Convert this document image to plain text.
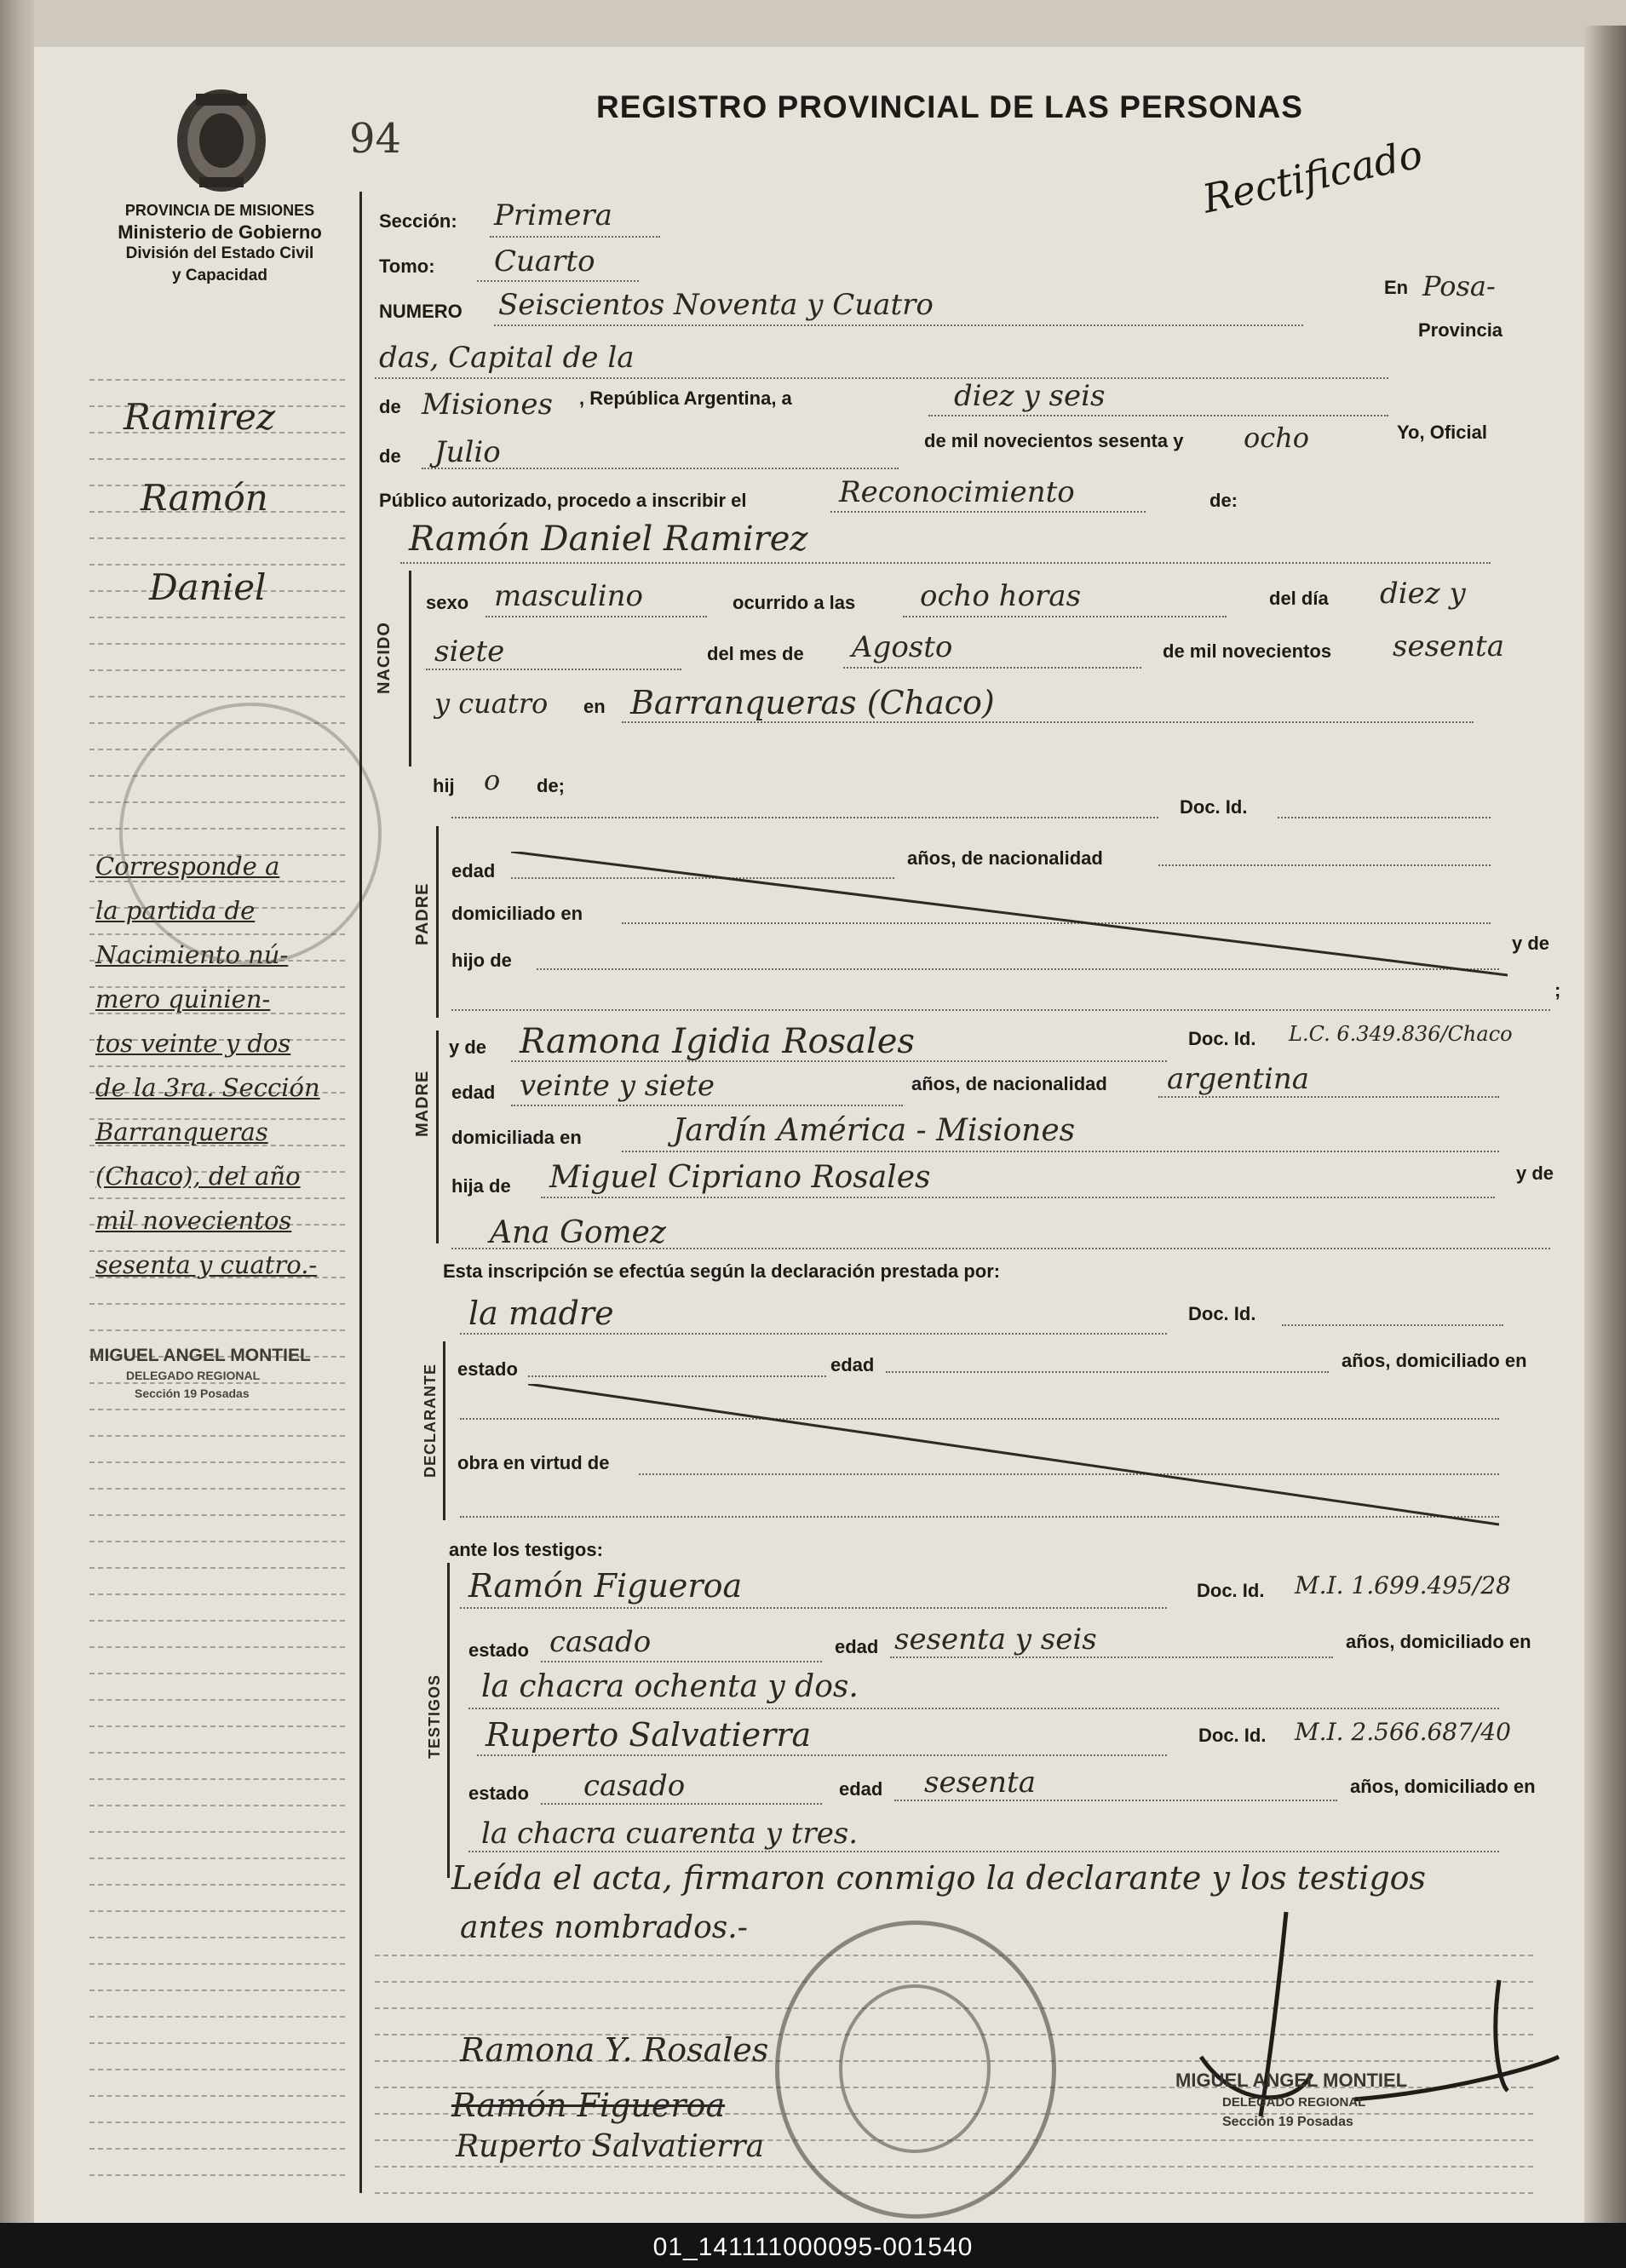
94
REGISTRO PROVINCIAL DE LAS PERSONAS
Rectificado
PROVINCIA DE MISIONES
Ministerio de Gobierno
División del Estado Civil
y Capacidad
Ramirez
Ramón
Daniel
Corresponde a
la partida de
Nacimiento nú-
mero quinien-
tos veinte y dos
de la 3ra. Sección
Barranqueras
(Chaco), del año
mil novecientos
sesenta y cuatro.-
MIGUEL ANGEL MONTIEL
DELEGADO REGIONAL
Sección 19 Posadas
Sección: Primera
Tomo: Cuarto
NUMERO Seiscientos Noventa y Cuatro
En Posa-
das, Capital de la
Provincia
de Misiones , República Argentina, a	diez y seis
de Julio	de mil novecientos sesenta y ocho	Yo, Oficial
Público autorizado, procedo a inscribir el	Reconocimiento	de:
Ramón Daniel Ramirez
NACIDO
sexo masculino	ocurrido a las ocho horas	del día diez y
siete	del mes de Agosto	de mil novecientos sesenta
y cuatro en Barranqueras (Chaco)
hij o de;
Doc. Id.
PADRE
edad
años, de nacionalidad
domiciliado en
hijo de
y de
;
MADRE
y de Ramona Igidia Rosales	Doc. Id. L.C. 6.349.836/Chaco
edad veinte y siete	años, de nacionalidad argentina
domiciliada en	Jardín América - Misiones
hija de Miguel Cipriano Rosales	y de
Ana Gomez
Esta inscripción se efectúa según la declaración prestada por:
la madre	Doc. Id.
DECLARANTE estado	edad	años, domiciliado en
obra en virtud de
ante los testigos:
TESTIGOS
Ramón Figueroa	Doc. Id. M.I. 1.699.495/28
estado casado	edad sesenta y seis	años, domiciliado en
la chacra ochenta y dos.
Ruperto Salvatierra	Doc. Id. M.I. 2.566.687/40
estado casado	edad sesenta	años, domiciliado en
la chacra cuarenta y tres.
Leída el acta, firmaron conmigo la declarante y los testigos
antes nombrados.-
Ramona Y. Rosales
Ramón Figueroa
Ruperto Salvatierra
MIGUEL ANGEL MONTIEL
DELEGADO REGIONAL
Sección 19 Posadas
01_141111000095-001540
